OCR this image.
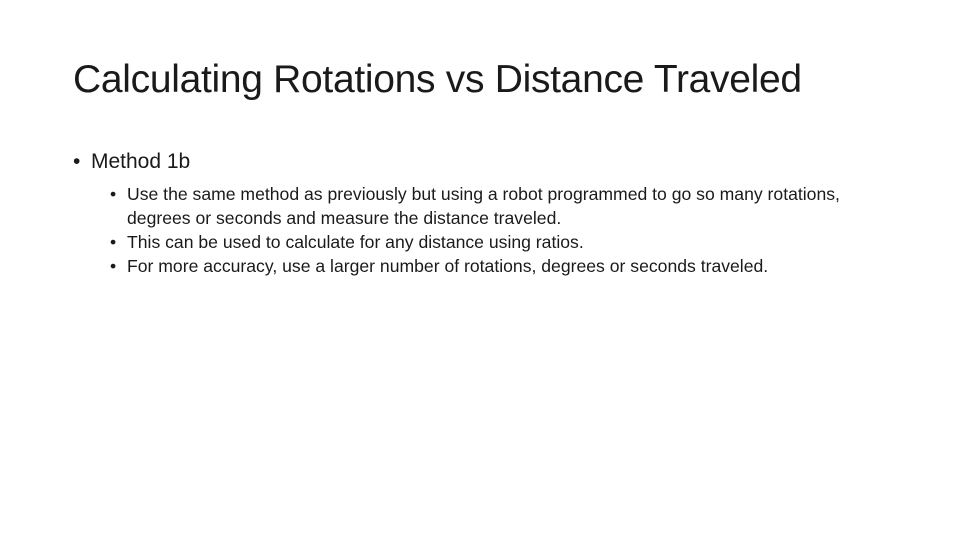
Calculating Rotations vs Distance Traveled
• Method 1b
• Use the same method as previously but using a robot programmed to go so many rotations, degrees or seconds and measure the distance traveled.
• This can be used to calculate for any distance using ratios.
• For more accuracy, use a larger number of rotations, degrees or seconds traveled.
